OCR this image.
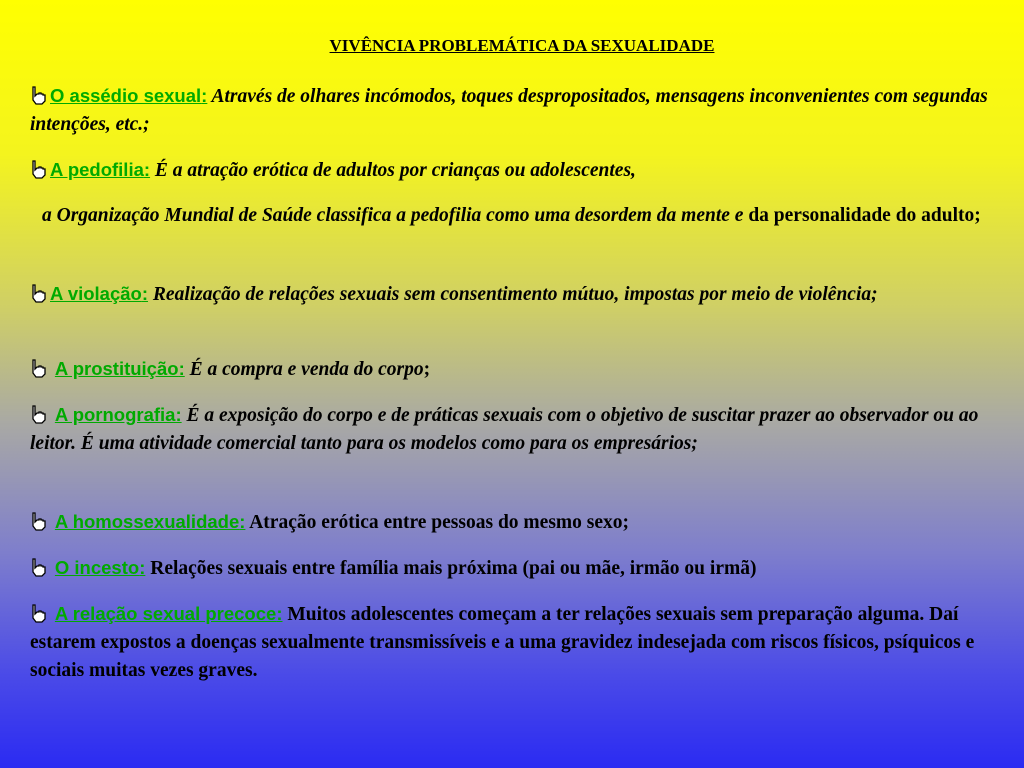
VIVÊNCIA PROBLEMÁTICA DA SEXUALIDADE
O assédio sexual: Através de olhares incómodos, toques despropositados, mensagens inconvenientes com segundas intenções, etc.;
A pedofilia: É a atração erótica de adultos por crianças ou adolescentes,
a Organização Mundial de Saúde classifica a pedofilia como uma desordem da mente e da personalidade do adulto;
A violação: Realização de relações sexuais sem consentimento mútuo, impostas por meio de violência;
A prostituição: É a compra e venda do corpo;
A pornografia: É a exposição do corpo e de práticas sexuais com o objetivo de suscitar prazer ao observador ou ao leitor. É uma atividade comercial tanto para os modelos como para os empresários;
A homossexualidade: Atração erótica entre pessoas do mesmo sexo;
O incesto: Relações sexuais entre família mais próxima (pai ou mãe, irmão ou irmã)
A relação sexual precoce: Muitos adolescentes começam a ter relações sexuais sem preparação alguma. Daí estarem expostos a doenças sexualmente transmissíveis e a uma gravidez indesejada com riscos físicos, psíquicos e sociais muitas vezes graves.
